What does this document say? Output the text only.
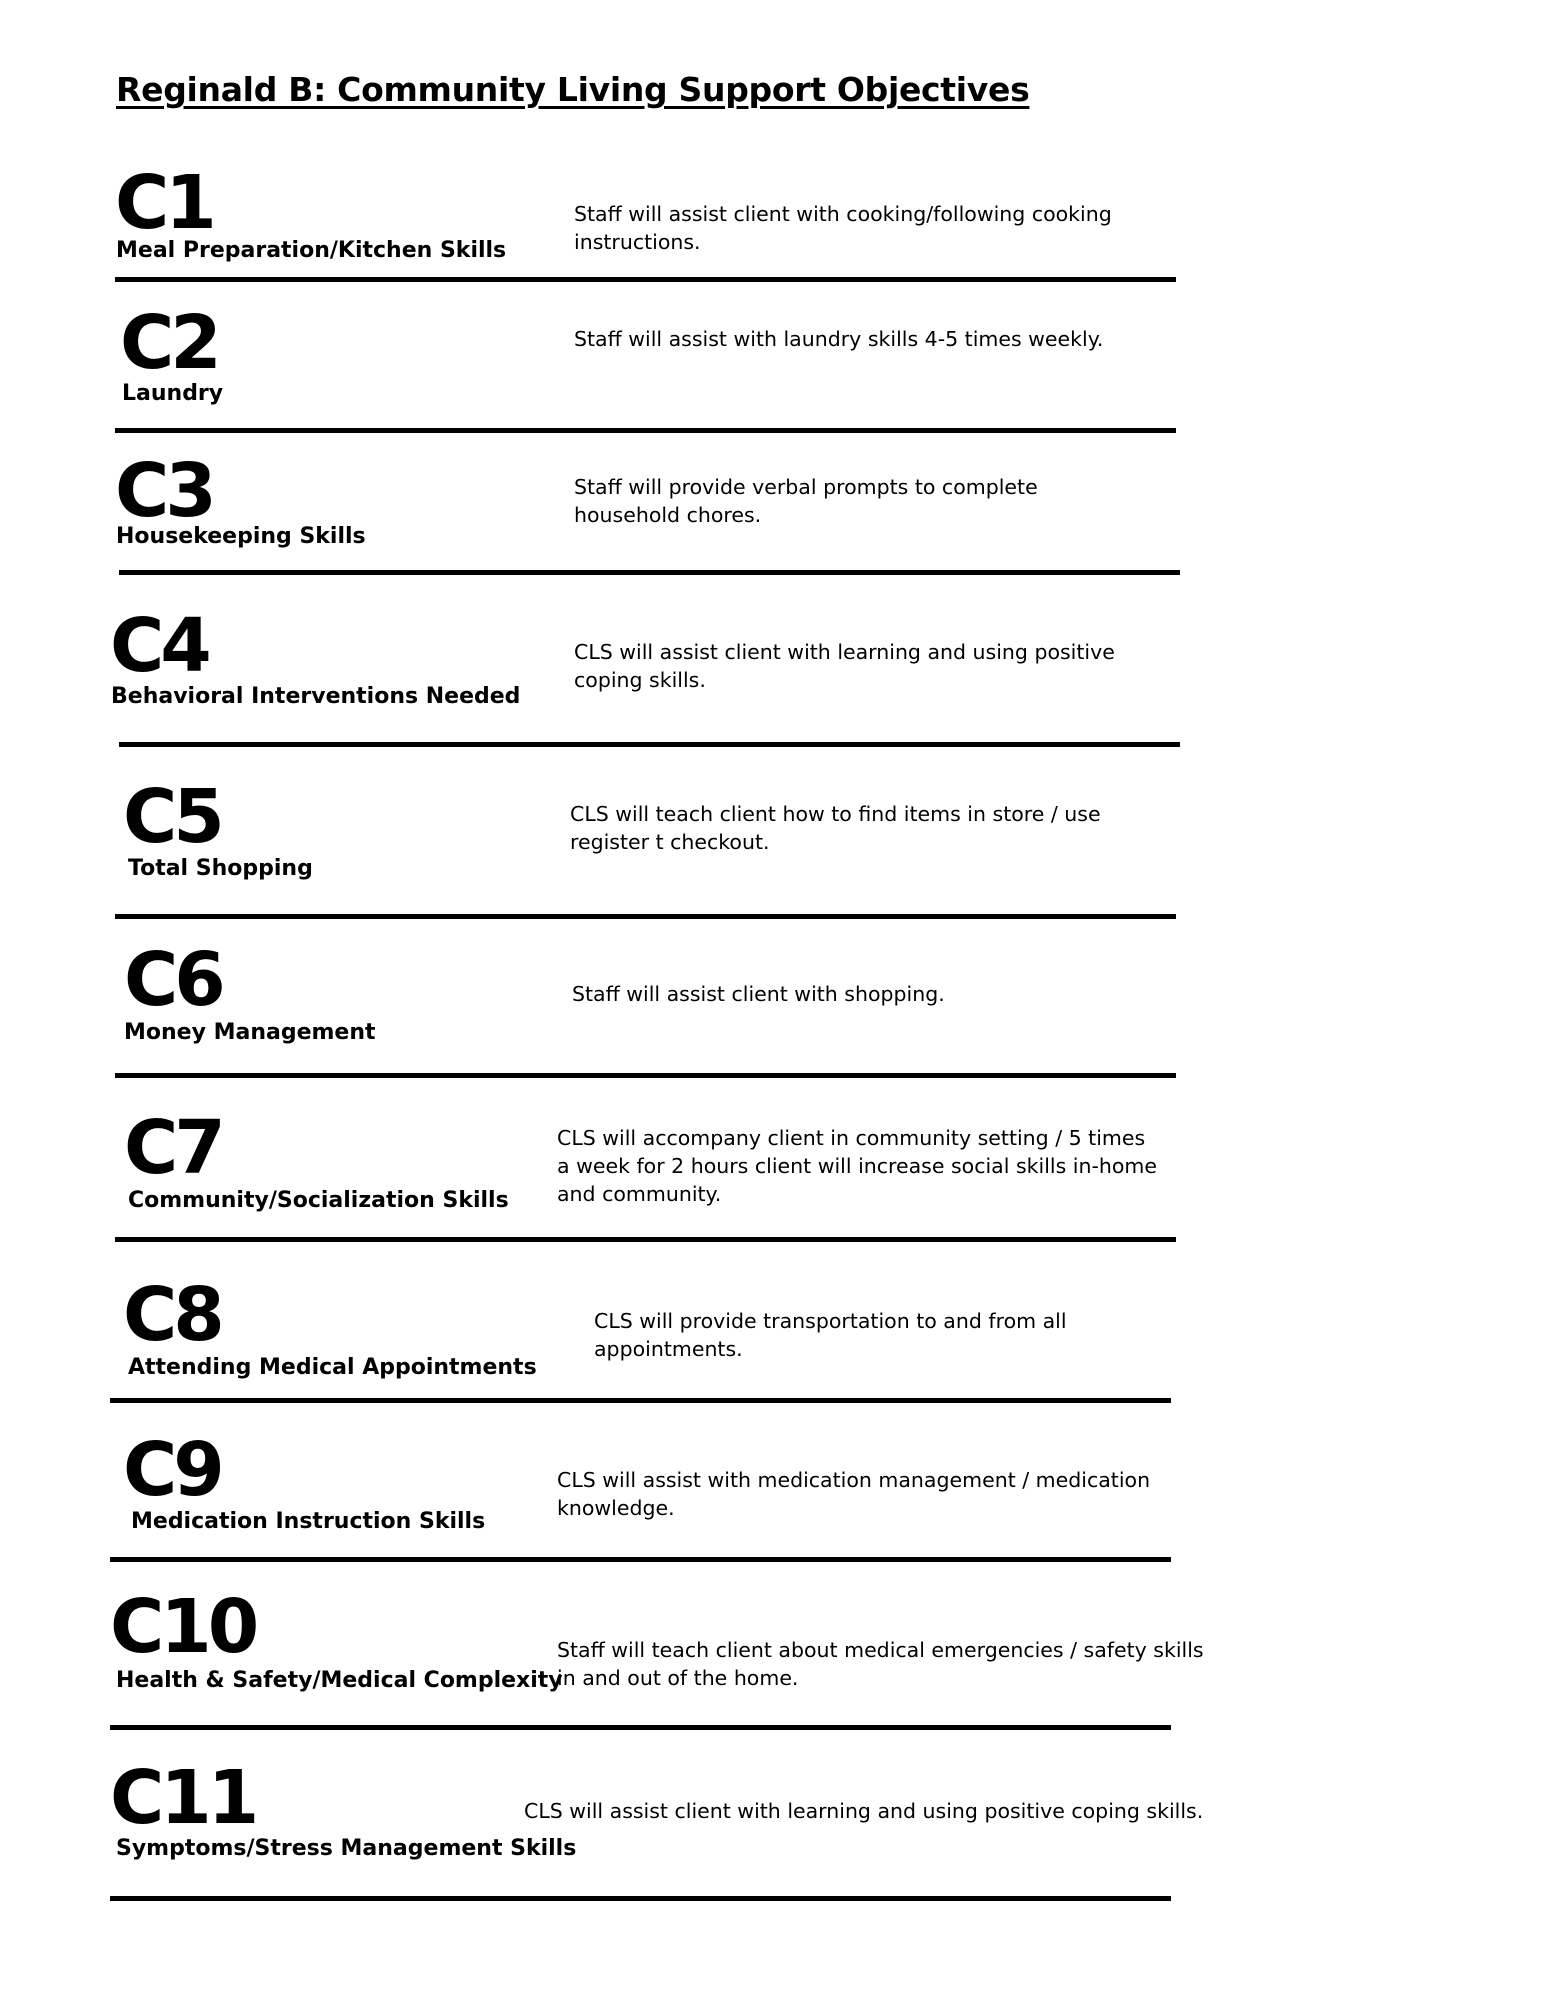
Reginald B: Community Living Support Objectives
C1
Meal Preparation/Kitchen Skills
Staff will assist client with cooking/following cooking
instructions.
C2
Laundry
Staff will assist with laundry skills 4-5 times weekly.
C3
Housekeeping Skills
Staff will provide verbal prompts to complete
household chores.
C4
Behavioral Interventions Needed
CLS will assist client with learning and using positive
coping skills.
C5
Total Shopping
CLS will teach client how to find items in store / use
register t checkout.
C6
Money Management
Staff will assist client with shopping.
C7
Community/Socialization Skills
CLS will accompany client in community setting / 5 times
a week for 2 hours client will increase social skills in-home
and community.
C8
Attending Medical Appointments
CLS will provide transportation to and from all
appointments.
C9
Medication Instruction Skills
CLS will assist with medication management / medication
knowledge.
C10
Health & Safety/Medical Complexity
Staff will teach client about medical emergencies / safety skills
in and out of the home.
C11
Symptoms/Stress Management Skills
CLS will assist client with learning and using positive coping skills.
